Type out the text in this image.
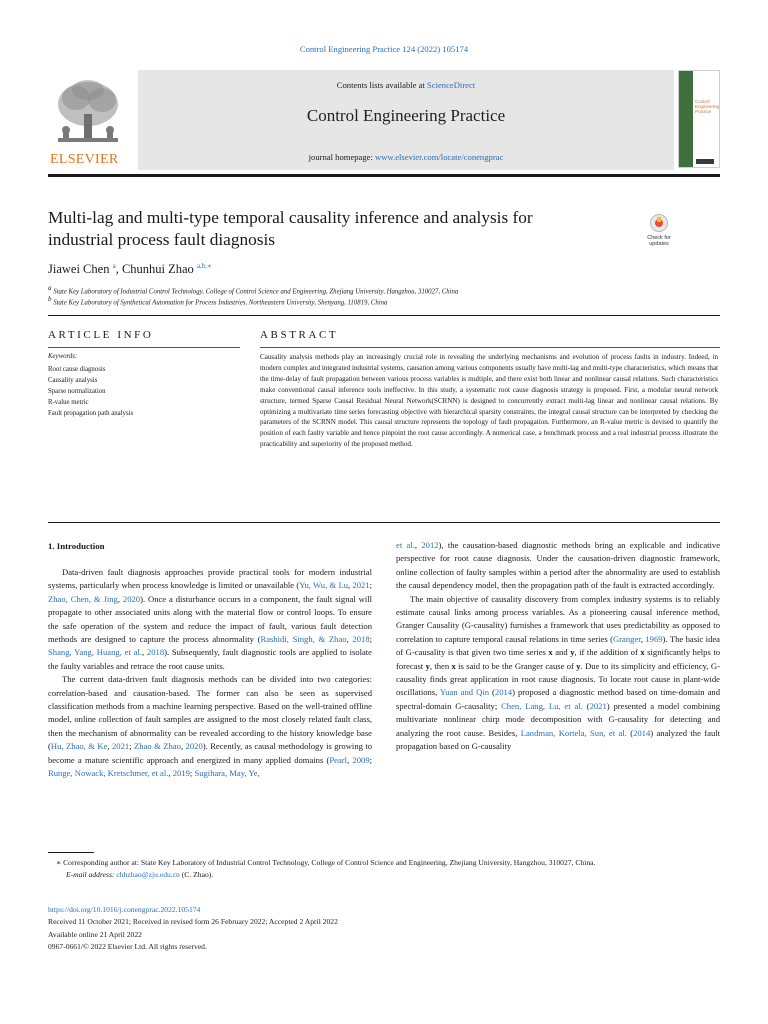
Control Engineering Practice 124 (2022) 105174
ELSEVIER
Contents lists available at ScienceDirect
Control Engineering Practice
journal homepage: www.elsevier.com/locate/conengprac
Control
Engineering
Practice
Multi-lag and multi-type temporal causality inference and analysis for
industrial process fault diagnosis	Check for
updates
Jiawei Chen $^a$, Chunhui Zhao $^{a,b,∗}$
$^a$ State Key Laboratory of Industrial Control Technology, College of Control Science and Engineering, Zhejiang University, Hangzhou, 310027, China
$^b$ State Key Laboratory of Synthetical Automation for Process Industries, Northeastern University, Shenyang, 110819, China
ARTICLE INFO
Keywords:
Root cause diagnosis
Causality analysis
Sparse normalization
R-value metric
Fault propagation path analysis
ABSTRACT
Causality analysis methods play an increasingly crucial role in revealing the underlying mechanisms and evolution of process faults in industry. Indeed, in modern complex and integrated industrial systems, causation among various components usually have multi-lag and multi-type characteristics, which means that the time-delay of fault propagation between various process variables is multiple, and there exist both linear and nonlinear causal relations. Such characteristics make conventional causal inference tools ineffective. In this study, a systematic root cause diagnosis strategy is proposed. First, a modular neural network structure, termed Sparse Causal Residual Neural Network(SCRNN) is designed to concurrently extract multi-lag linear and nonlinear causal relations. By optimizing a multivariate time series forecasting objective with hierarchical sparsity constraints, the integral causal structure can be interpreted by checking the parameters of the SCRNN model. This causal structure represents the topology of fault propagation. Furthermore, an R-value metric is devised to quantify the position of each faulty variable and hence pinpoint the root cause accordingly. A numerical case, a benchmark process and a real industrial process illustrate the practicability and superiority of the proposed method.
1. Introduction

Data-driven fault diagnosis approaches provide practical tools for modern industrial systems, particularly when process knowledge is limited or unavailable (Yu, Wu, & Lu, 2021; Zhao, Chen, & Jing, 2020). Once a disturbance occurs in a component, the fault signal will propagate to other associated units along with the material flow or control loops. To ensure the safe operation of the system and reduce the impact of fault, various fault detection methods are designed to capture the process abnormality (Rashidi, Singh, & Zhao, 2018; Shang, Yang, Huang, et al., 2018). Subsequently, fault diagnostic tools are applied to isolate the faulty variables and retrace the root cause units.

The current data-driven fault diagnosis methods can be divided into two categories: correlation-based and causation-based. The former can also be seen as supervised classification methods from a machine learning perspective. Based on the well-trained offline model, online collection of fault samples are assigned to the most closely related fault class, then the mechanism of abnormality can be revealed according to the history knowledge base (Hu, Zhao, & Ke, 2021; Zhao & Zhao, 2020). Recently, as causal methodology is growing to become a mature scientific approach and energized in many applied domains (Pearl, 2009; Runge, Nowack, Kretschmer, et al., 2019; Sugihara, May, Ye,

et al., 2012), the causation-based diagnostic methods bring an explicable and indicative perspective for root cause diagnosis. Under the causation-driven diagnostic framework, online collection of faulty samples within a period after the abnormality are used to establish the causal dependency model, then the propagation path of the fault is extracted accordingly.

The main objective of causality discovery from complex industry systems is to reliably estimate causal links among process variables. As a pioneering causal inference method, Granger Causality (G-causality) furnishes a framework that uses predictability as opposed to correlation to capture temporal causal relations in time series (Granger, 1969). The basic idea of G-causality is that given two time series x and y, if the addition of x significantly helps to forecast y, then x is said to be the Granger cause of y. Due to its simplicity and efficiency, G-causality finds great application in root cause diagnosis. To locate root cause in plant-wide oscillations, Yuan and Qin (2014) proposed a diagnostic method based on time-domain and spectral-domain G-causality; Chen, Lang, Lu, et al. (2021) presented a model combining multivariate nonlinear chirp mode decomposition with G-causality for detecting and analyzing the root cause. Besides, Landman, Kortela, Sun, et al. (2014) analyzed the fault propagation based on G-causality

∗ Corresponding author at: State Key Laboratory of Industrial Control Technology, College of Control Science and Engineering, Zhejiang University, Hangzhou, 310027, China.
E-mail address: chhzhao@zju.edu.cn (C. Zhao).
https://doi.org/10.1016/j.conengprac.2022.105174
Received 11 October 2021; Received in revised form 26 February 2022; Accepted 2 April 2022
Available online 21 April 2022
0967-0661/© 2022 Elsevier Ltd. All rights reserved.
